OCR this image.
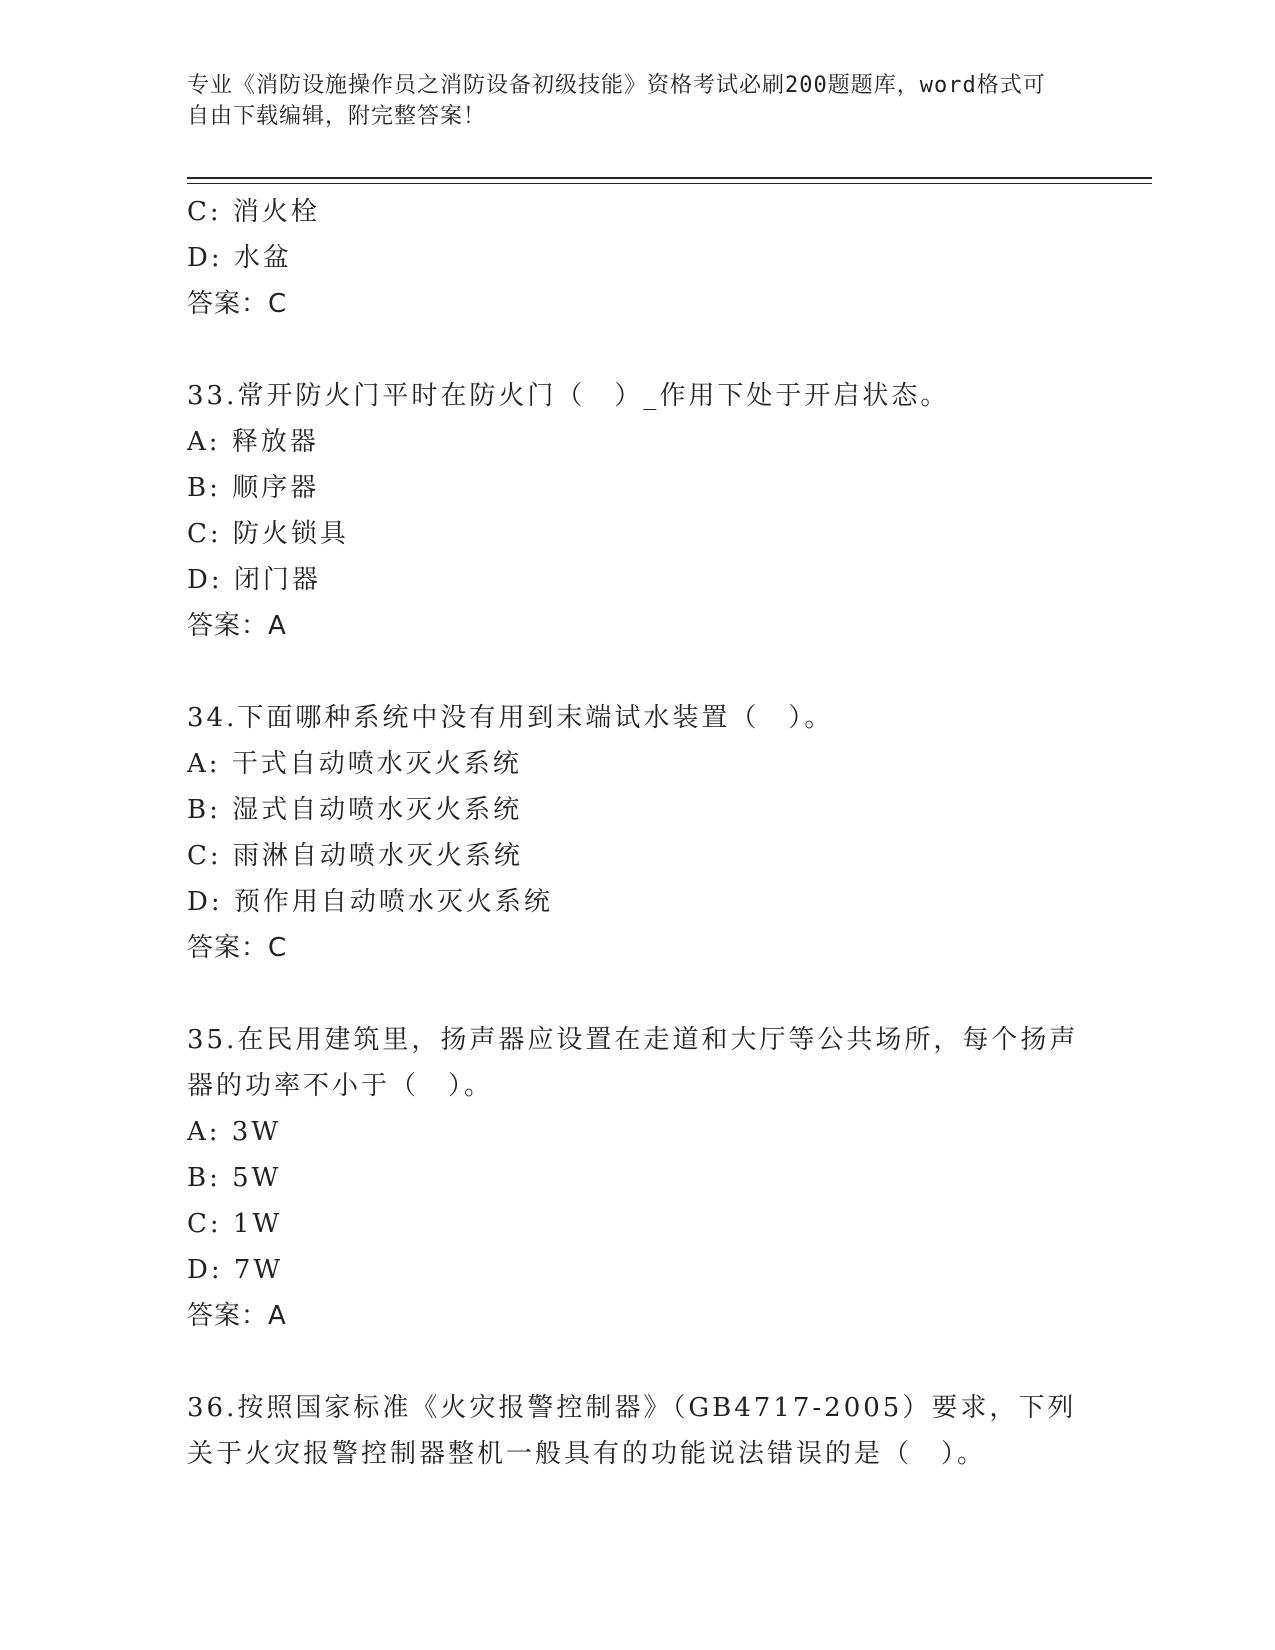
专业《消防设施操作员之消防设备初级技能》资格考试必刷200题题库，word格式可自由下载编辑，附完整答案！
C: 消火栓
D: 水盆
答案：C
33.常开防火门平时在防火门（　）_作用下处于开启状态。
A: 释放器
B: 顺序器
C: 防火锁具
D: 闭门器
答案：A
34.下面哪种系统中没有用到末端试水装置（　）。
A: 干式自动喷水灭火系统
B: 湿式自动喷水灭火系统
C: 雨淋自动喷水灭火系统
D: 预作用自动喷水灭火系统
答案：C
35.在民用建筑里，扬声器应设置在走道和大厅等公共场所，每个扬声器的功率不小于（　）。
A: 3W
B: 5W
C: 1W
D: 7W
答案：A
36.按照国家标准《火灾报警控制器》（GB4717-2005）要求，下列关于火灾报警控制器整机一般具有的功能说法错误的是（　）。
